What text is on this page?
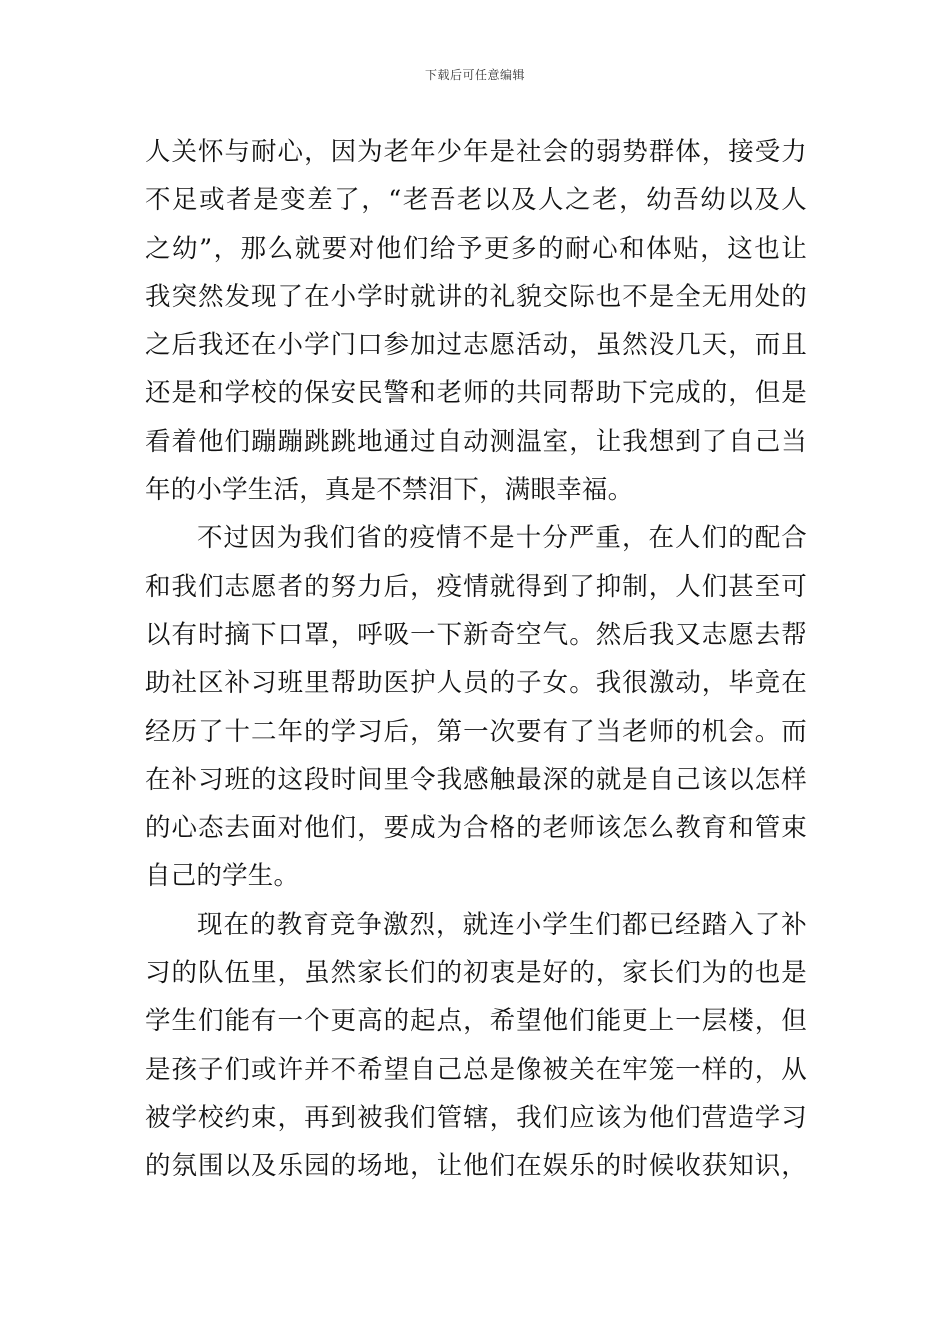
下载后可任意编辑
人关怀与耐心，因为老年少年是社会的弱势群体，接受力
不足或者是变差了，“老吾老以及人之老，幼吾幼以及人
之幼”，那么就要对他们给予更多的耐心和体贴，这也让
我突然发现了在小学时就讲的礼貌交际也不是全无用处的
之后我还在小学门口参加过志愿活动，虽然没几天，而且
还是和学校的保安民警和老师的共同帮助下完成的，但是
看着他们蹦蹦跳跳地通过自动测温室，让我想到了自己当
年的小学生活，真是不禁泪下，满眼幸福。
不过因为我们省的疫情不是十分严重，在人们的配合
和我们志愿者的努力后，疫情就得到了抑制，人们甚至可
以有时摘下口罩，呼吸一下新奇空气。然后我又志愿去帮
助社区补习班里帮助医护人员的子女。我很激动，毕竟在
经历了十二年的学习后，第一次要有了当老师的机会。而
在补习班的这段时间里令我感触最深的就是自己该以怎样
的心态去面对他们，要成为合格的老师该怎么教育和管束
自己的学生。
现在的教育竞争激烈，就连小学生们都已经踏入了补
习的队伍里，虽然家长们的初衷是好的，家长们为的也是
学生们能有一个更高的起点，希望他们能更上一层楼，但
是孩子们或许并不希望自己总是像被关在牢笼一样的，从
被学校约束，再到被我们管辖，我们应该为他们营造学习
的氛围以及乐园的场地，让他们在娱乐的时候收获知识，
